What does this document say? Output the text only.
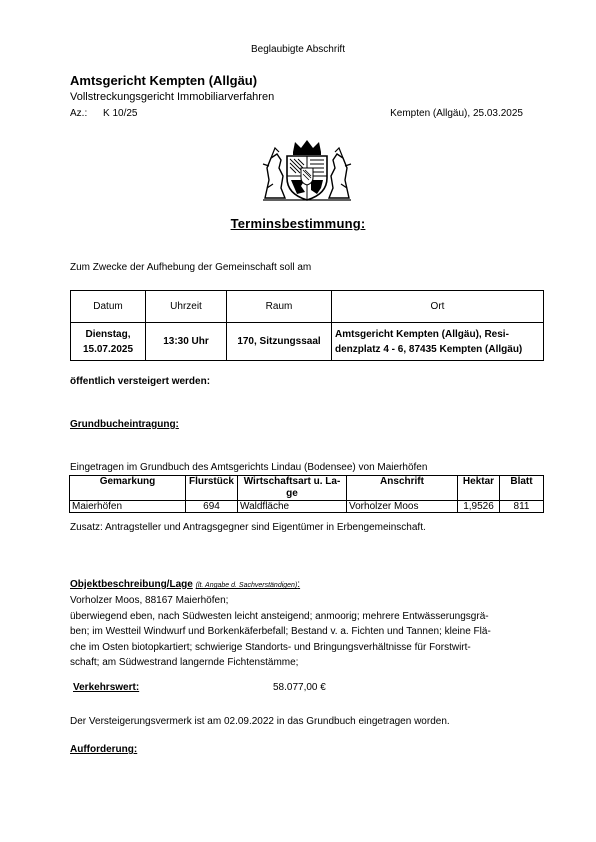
Beglaubigte Abschrift
Amtsgericht Kempten (Allgäu)
Vollstreckungsgericht Immobiliarverfahren
Az.: K 10/25	Kempten (Allgäu), 25.03.2025
Terminsbestimmung:
Zum Zwecke der Aufhebung der Gemeinschaft soll am
Datum	Uhrzeit	Raum	Ort

Dienstag,
15.07.2025	13:30 Uhr	170, Sitzungssaal	Amtsgericht Kempten (Allgäu), Resi-
denzplatz 4 - 6, 87435 Kempten (Allgäu)
öffentlich versteigert werden:
Grundbucheintragung:
Eingetragen im Grundbuch des Amtsgerichts Lindau (Bodensee) von Maierhöfen
Gemarkung	Flurstück	Wirtschaftsart u. La-
ge	Anschrift	Hektar	Blatt
Maierhöfen	694	Waldfläche	Vorholzer Moos	1,9526	811
Zusatz: Antragsteller und Antragsgegner sind Eigentümer in Erbengemeinschaft.
Objektbeschreibung/Lage (lt. Angabe d. Sachverständigen):
Vorholzer Moos, 88167 Maierhöfen;
überwiegend eben, nach Südwesten leicht ansteigend; anmoorig; mehrere Entwässerungsgrä-
ben; im Westteil Windwurf und Borkenkäferbefall; Bestand v. a. Fichten und Tannen; kleine Flä-
che im Osten biotopkartiert; schwierige Standorts- und Bringungsverhältnisse für Forstwirt-
schaft; am Südwestrand langernde Fichtenstämme;
Verkehrswert:	58.077,00 €
Der Versteigerungsvermerk ist am 02.09.2022 in das Grundbuch eingetragen worden.
Aufforderung:
